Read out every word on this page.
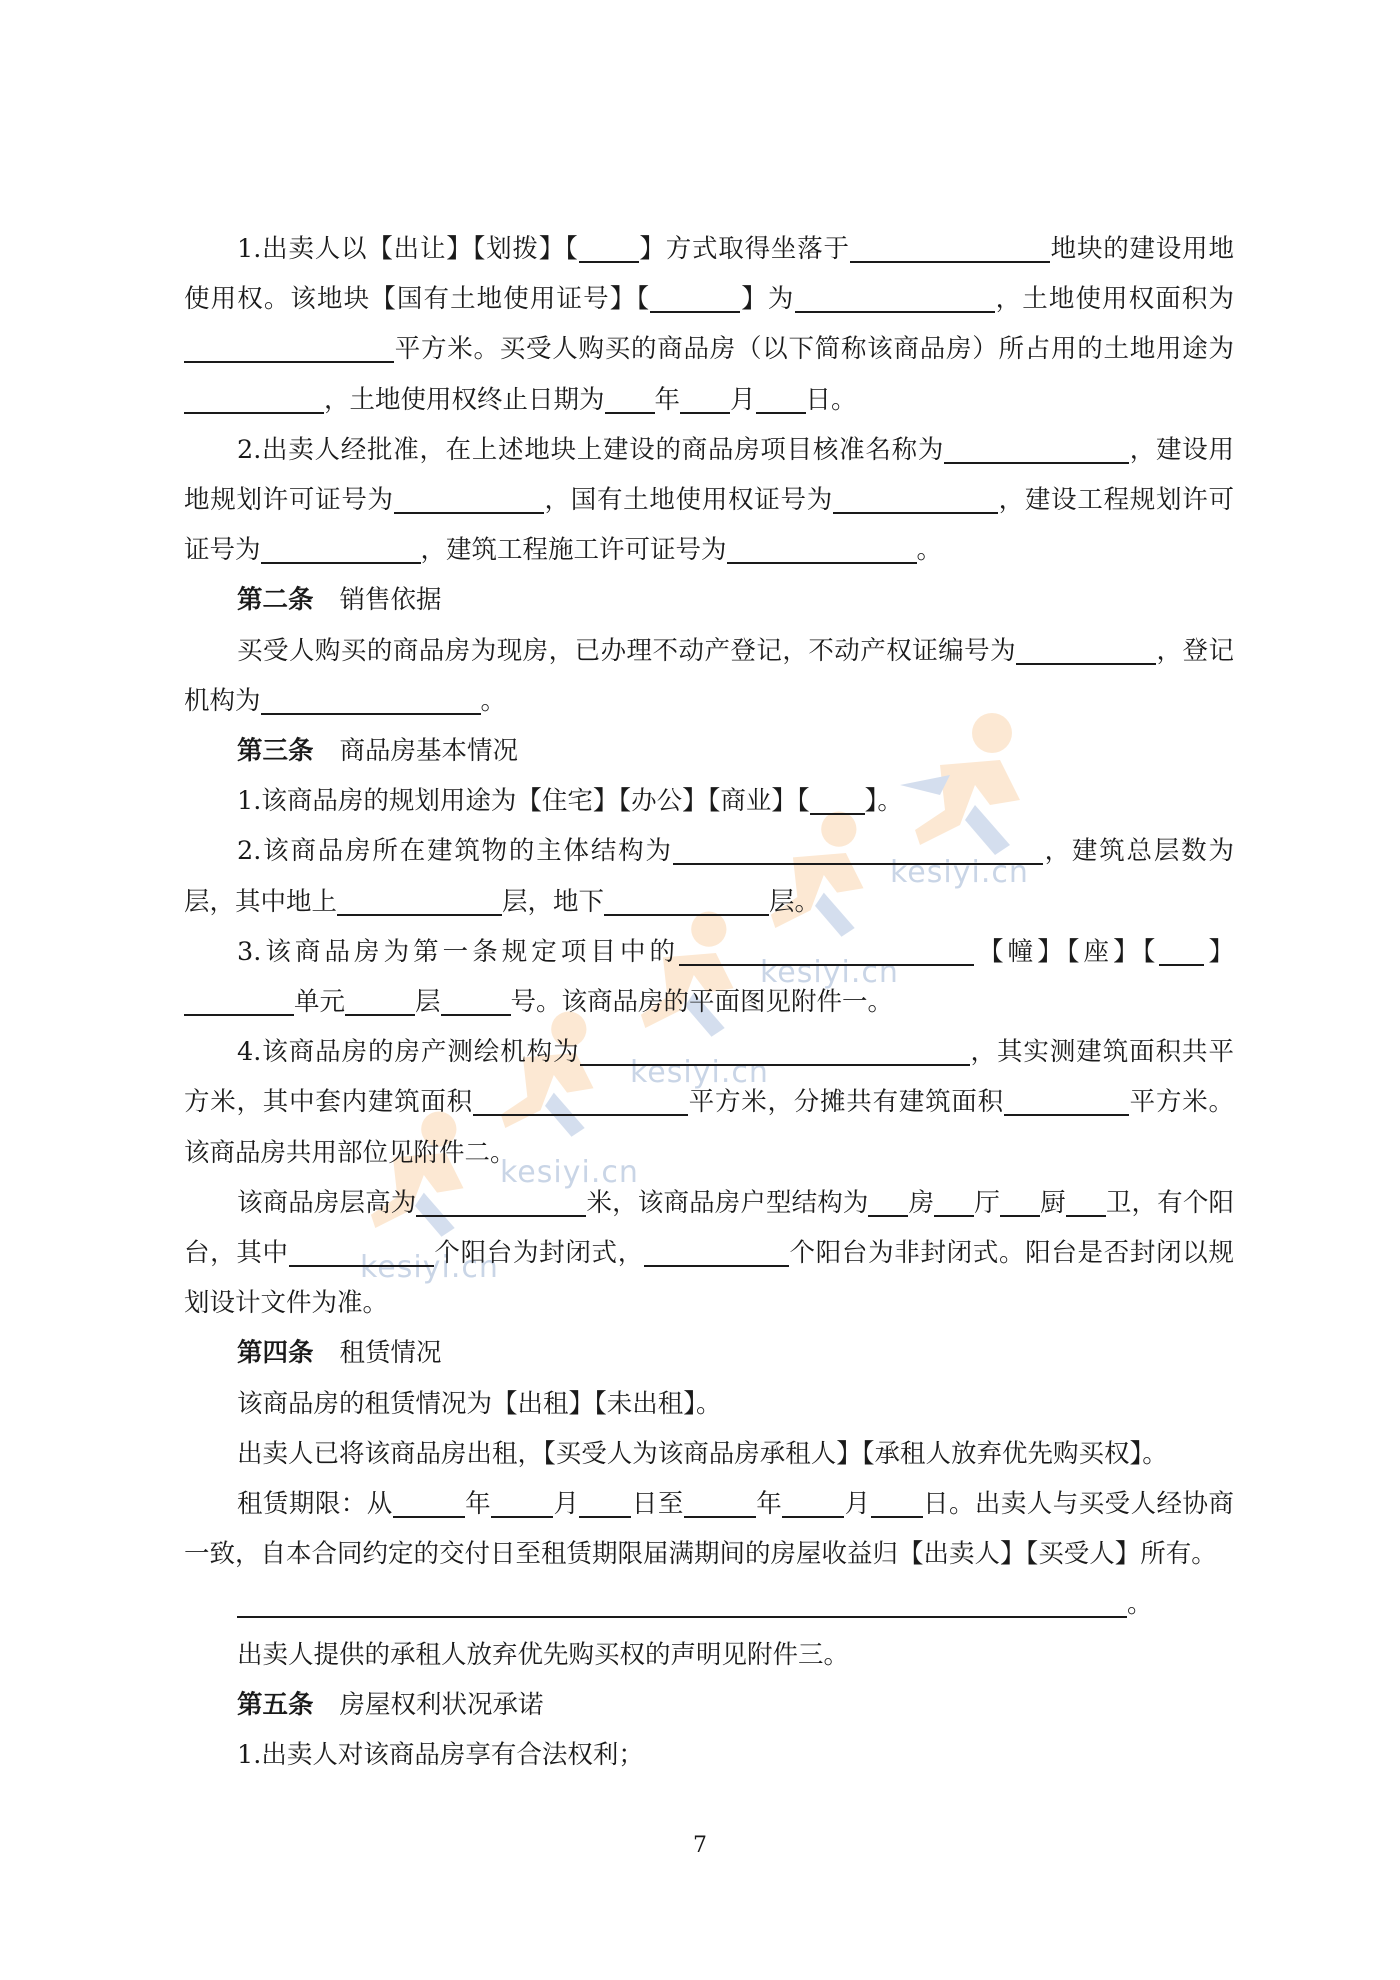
kesiyi.cn
kesiyi.cn
kesiyi.cn
kesiyi.cn
kesiyi.cn

1.出卖人以【出让】【划拨】【 】方式取得坐落于	地块的建设用地使用权。该地块【国有土地使用证号】【	】为	，土地使用权面积为平方米。买受人购买的商品房（以下简称该商品房）所占用的土地用途为，土地使用权终止日期为 年 月 日。

2.出卖人经批准，在上述地块上建设的商品房项目核准名称为	，建设用地规划许可证号为	，国有土地使用权证号为	，建设工程规划许可证号为	，建筑工程施工许可证号为	。

第二条 销售依据

买受人购买的商品房为现房，已办理不动产登记，不动产权证编号为	，登记机构为	。

第三条 商品房基本情况

1.该商品房的规划用途为【住宅】【办公】【商业】【 】。

2.该商品房所在建筑物的主体结构为	，建筑总层数为层，其中地上	层，地下	层。

3.该商品房为第一条规定项目中的	【幢】【座】【 】单元	层	号。该商品房的平面图见附件一。

4.该商品房的房产测绘机构为	，其实测建筑面积共平方米，其中套内建筑面积	平方米，分摊共有建筑面积	平方米。该商品房共用部位见附件二。

该商品房层高为	米，该商品房户型结构为 房 厅 厨 卫，有个阳台，其中	个阳台为封闭式，	个阳台为非封闭式。阳台是否封闭以规划设计文件为准。

第四条 租赁情况

该商品房的租赁情况为【出租】【未出租】。

出卖人已将该商品房出租，【买受人为该商品房承租人】【承租人放弃优先购买权】。

租赁期限：从	年 月 日至	年 月 日。出卖人与买受人经协商一致，自本合同约定的交付日至租赁期限届满期间的房屋收益归【出卖人】【买受人】所有。

。

出卖人提供的承租人放弃优先购买权的声明见附件三。

第五条 房屋权利状况承诺

1.出卖人对该商品房享有合法权利；

7
